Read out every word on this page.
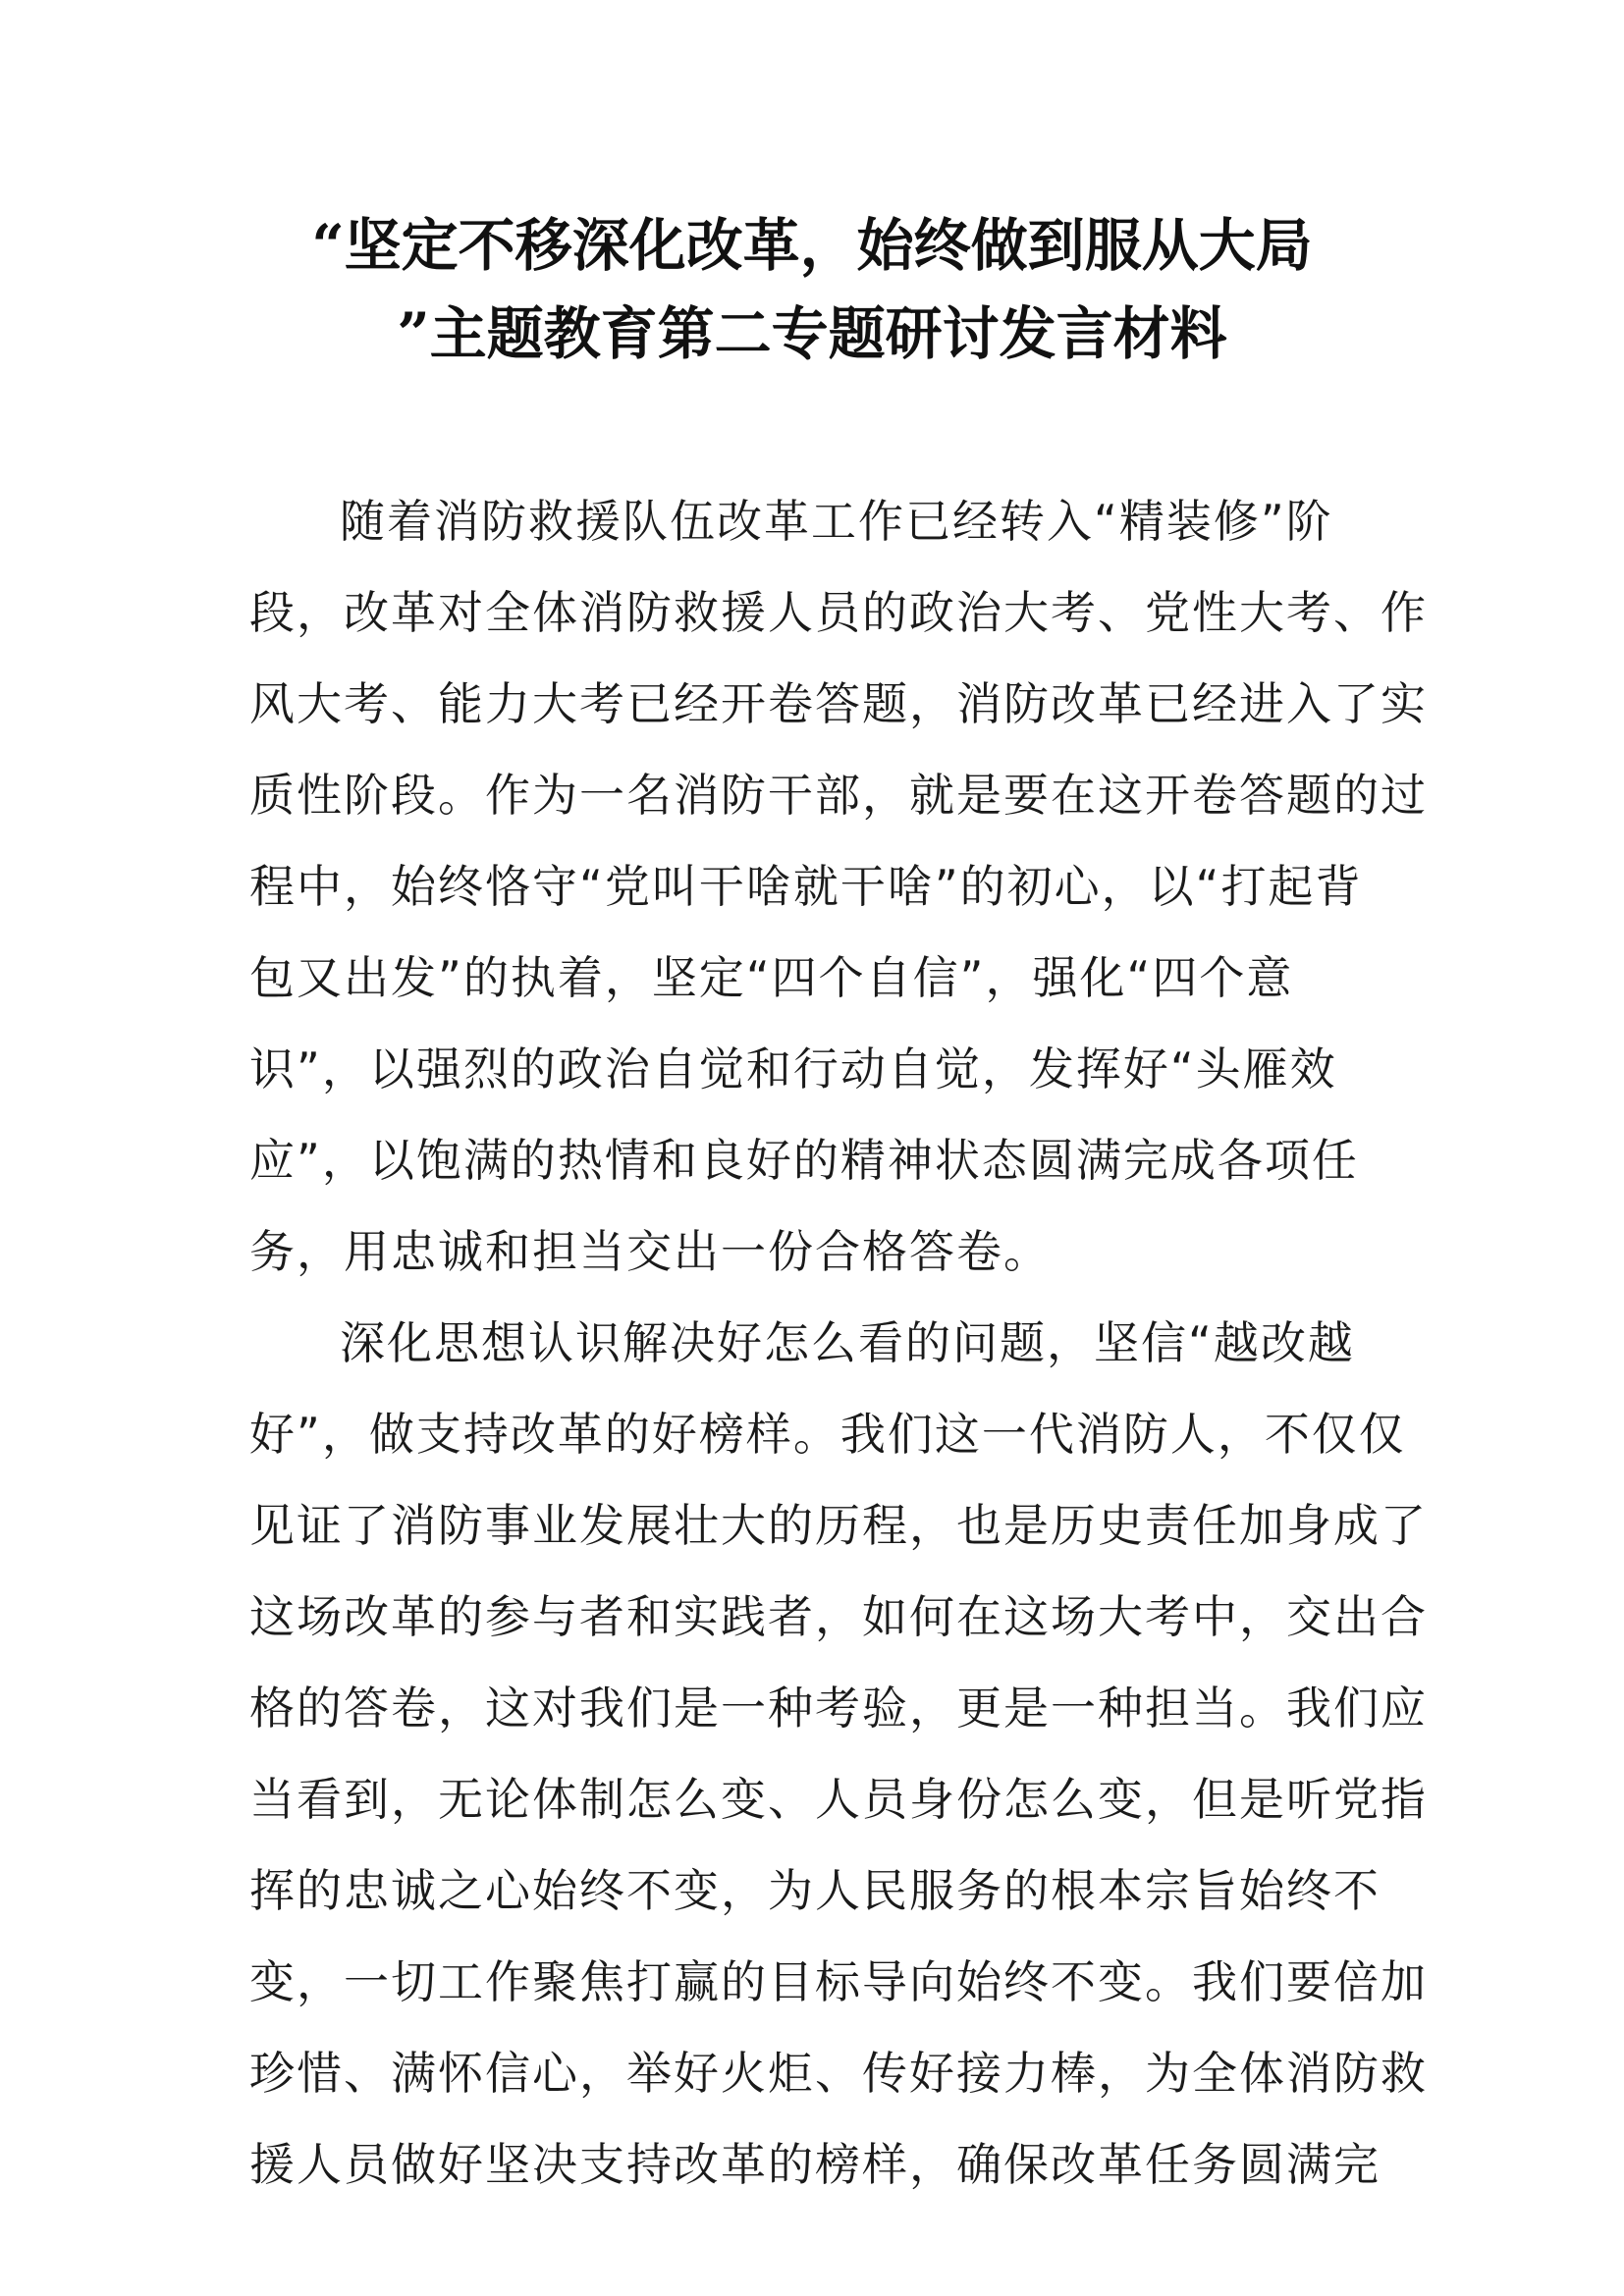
“坚定不移深化改革，始终做到服从大局
”主题教育第二专题研讨发言材料
随着消防救援队伍改革工作已经转入“精装修”阶
段，改革对全体消防救援人员的政治大考、党性大考、作
风大考、能力大考已经开卷答题，消防改革已经进入了实
质性阶段。作为一名消防干部，就是要在这开卷答题的过
程中，始终恪守“党叫干啥就干啥”的初心，以“打起背
包又出发”的执着，坚定“四个自信”，强化“四个意
识”，以强烈的政治自觉和行动自觉，发挥好“头雁效
应”，以饱满的热情和良好的精神状态圆满完成各项任
务，用忠诚和担当交出一份合格答卷。
深化思想认识解决好怎么看的问题，坚信“越改越
好”，做支持改革的好榜样。我们这一代消防人，不仅仅
见证了消防事业发展壮大的历程，也是历史责任加身成了
这场改革的参与者和实践者，如何在这场大考中，交出合
格的答卷，这对我们是一种考验，更是一种担当。我们应
当看到，无论体制怎么变、人员身份怎么变，但是听党指
挥的忠诚之心始终不变，为人民服务的根本宗旨始终不
变，一切工作聚焦打赢的目标导向始终不变。我们要倍加
珍惜、满怀信心，举好火炬、传好接力棒，为全体消防救
援人员做好坚决支持改革的榜样，确保改革任务圆满完
